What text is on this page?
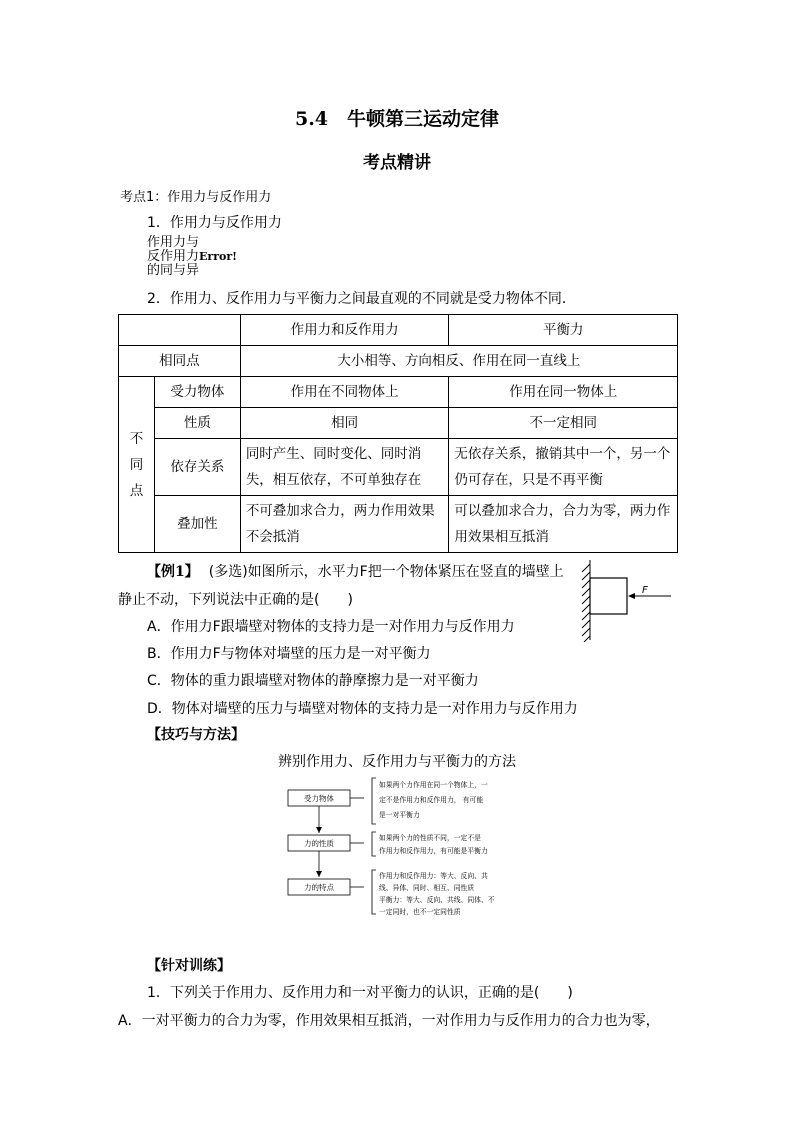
5.4　牛顿第三运动定律
考点精讲
考点1：作用力与反作用力
1．作用力与反作用力
作用力与
反作用力Error!
的同与异
2．作用力、反作用力与平衡力之间最直观的不同就是受力物体不同．
		作用力和反作用力	平衡力
相同点		大小相等、方向相反、作用在同一直线上	

不
同
点	受力物体	作用在不同物体上	作用在同一物体上
	性质	相同	不一定相同
	依存关系	同时产生、同时变化、同时消失，相互依存，不可单独存在	无依存关系，撤销其中一个，另一个仍可存在，只是不再平衡
	叠加性	不可叠加求合力，两力作用效果不会抵消	可以叠加求合力，合力为零，两力作用效果相互抵消
【例1】 (多选)如图所示，水平力F把一个物体紧压在竖直的墙壁上
静止不动，下列说法中正确的是(　　)
A．作用力F跟墙壁对物体的支持力是一对作用力与反作用力
B．作用力F与物体对墙壁的压力是一对平衡力
C．物体的重力跟墙壁对物体的静摩擦力是一对平衡力
D．物体对墙壁的压力与墙壁对物体的支持力是一对作用力与反作用力
F
【技巧与方法】
辨别作用力、反作用力与平衡力的方法
受力物体
力的性质
力的特点
如果两个力作用在同一个物体上，一
定不是作用力和反作用力， 有可能
是一对平衡力
如果两个力的性质不同，一定不是
作用力和反作用力，有可能是平衡力
作用力和反作用力：等大、反向、共
线、异体、同时、相互、同性质
平衡力：等大、反向、共线、同体、不
一定同时，也不一定同性质
【针对训练】
1．下列关于作用力、反作用力和一对平衡力的认识，正确的是(　　)
A．一对平衡力的合力为零，作用效果相互抵消，一对作用力与反作用力的合力也为零，
